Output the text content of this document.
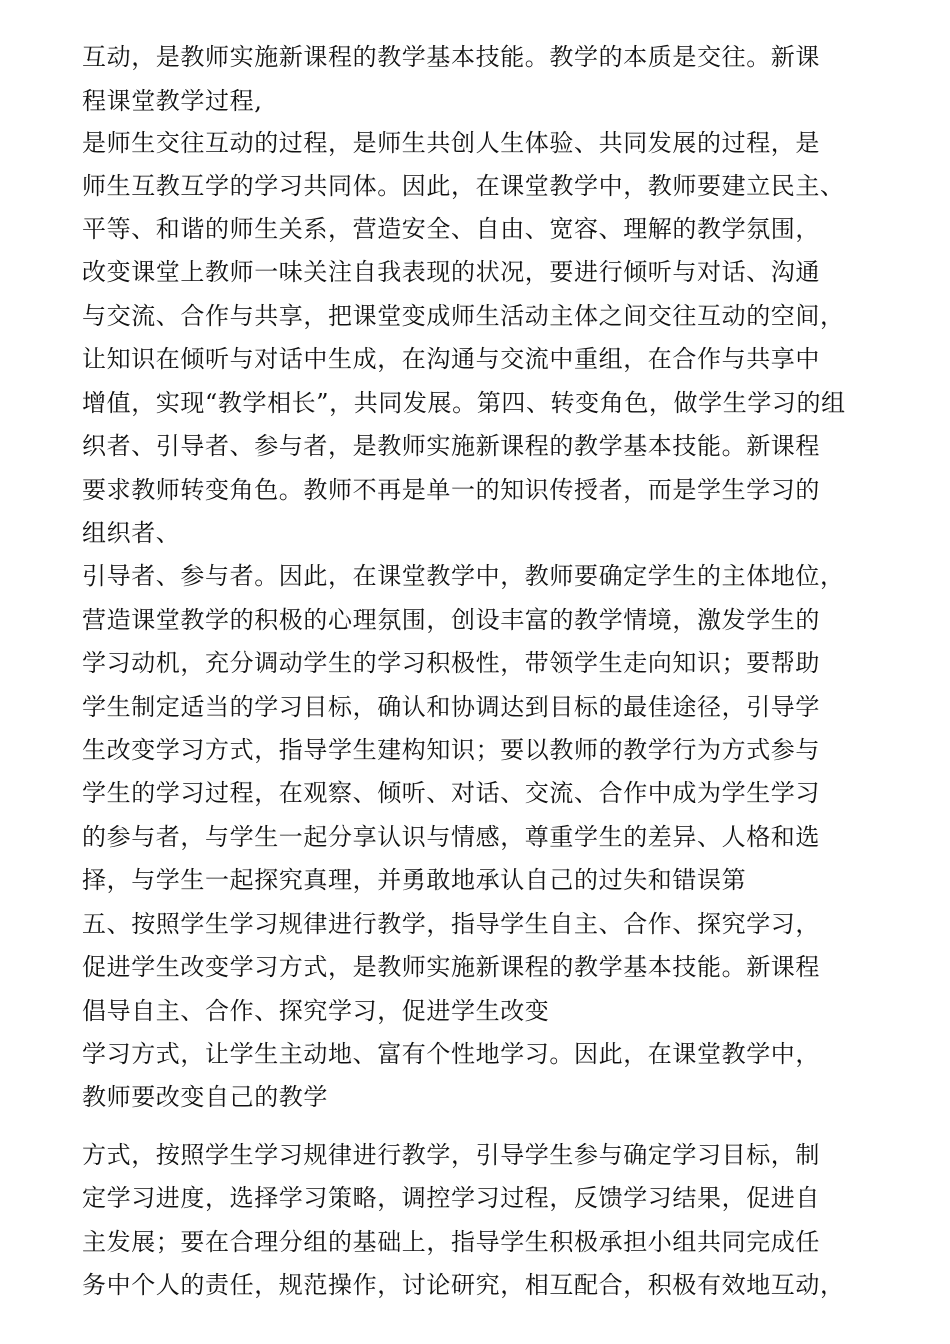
互动，是教师实施新课程的教学基本技能。教学的本质是交往。新课
程课堂教学过程,
是师生交往互动的过程，是师生共创人生体验、共同发展的过程，是
师生互教互学的学习共同体。因此，在课堂教学中，教师要建立民主、
平等、和谐的师生关系，营造安全、自由、宽容、理解的教学氛围，
改变课堂上教师一味关注自我表现的状况，要进行倾听与对话、沟通
与交流、合作与共享，把课堂变成师生活动主体之间交往互动的空间，
让知识在倾听与对话中生成，在沟通与交流中重组，在合作与共享中
增值，实现“教学相长”，共同发展。第四、转变角色，做学生学习的组
织者、引导者、参与者，是教师实施新课程的教学基本技能。新课程
要求教师转变角色。教师不再是单一的知识传授者，而是学生学习的
组织者、
引导者、参与者。因此，在课堂教学中，教师要确定学生的主体地位，
营造课堂教学的积极的心理氛围，创设丰富的教学情境，激发学生的
学习动机，充分调动学生的学习积极性，带领学生走向知识；要帮助
学生制定适当的学习目标，确认和协调达到目标的最佳途径，引导学
生改变学习方式，指导学生建构知识；要以教师的教学行为方式参与
学生的学习过程，在观察、倾听、对话、交流、合作中成为学生学习
的参与者，与学生一起分享认识与情感，尊重学生的差异、人格和选
择，与学生一起探究真理，并勇敢地承认自己的过失和错误第
五、按照学生学习规律进行教学，指导学生自主、合作、探究学习，
促进学生改变学习方式，是教师实施新课程的教学基本技能。新课程
倡导自主、合作、探究学习，促进学生改变
学习方式，让学生主动地、富有个性地学习。因此，在课堂教学中，
教师要改变自己的教学
方式，按照学生学习规律进行教学，引导学生参与确定学习目标，制
定学习进度，选择学习策略，调控学习过程，反馈学习结果，促进自
主发展；要在合理分组的基础上，指导学生积极承担小组共同完成任
务中个人的责任，规范操作，讨论研究，相互配合，积极有效地互动，
